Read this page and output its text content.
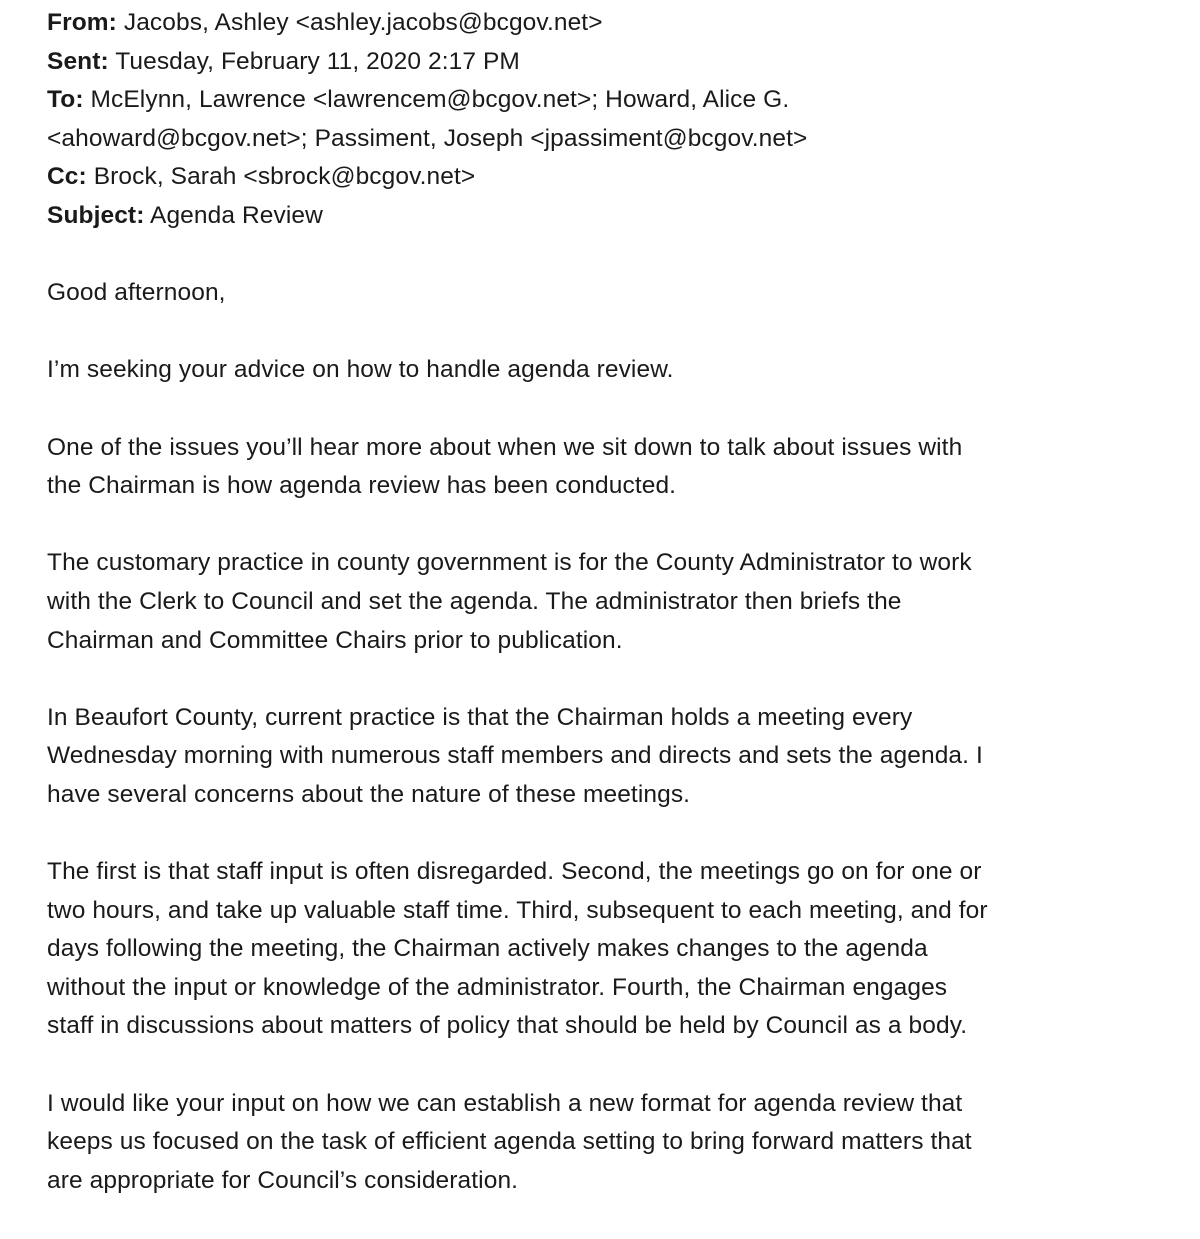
From: Jacobs, Ashley <ashley.jacobs@bcgov.net>
Sent: Tuesday, February 11, 2020 2:17 PM
To: McElynn, Lawrence <lawrencem@bcgov.net>; Howard, Alice G.
<ahoward@bcgov.net>; Passiment, Joseph <jpassiment@bcgov.net>
Cc: Brock, Sarah <sbrock@bcgov.net>
Subject: Agenda Review
Good afternoon,
I’m seeking your advice on how to handle agenda review.
One of the issues you’ll hear more about when we sit down to talk about issues with
the Chairman is how agenda review has been conducted.
The customary practice in county government is for the County Administrator to work
with the Clerk to Council and set the agenda. The administrator then briefs the
Chairman and Committee Chairs prior to publication.
In Beaufort County, current practice is that the Chairman holds a meeting every
Wednesday morning with numerous staff members and directs and sets the agenda. I
have several concerns about the nature of these meetings.
The first is that staff input is often disregarded. Second, the meetings go on for one or
two hours, and take up valuable staff time. Third, subsequent to each meeting, and for
days following the meeting, the Chairman actively makes changes to the agenda
without the input or knowledge of the administrator. Fourth, the Chairman engages
staff in discussions about matters of policy that should be held by Council as a body.
I would like your input on how we can establish a new format for agenda review that
keeps us focused on the task of efficient agenda setting to bring forward matters that
are appropriate for Council’s consideration.
